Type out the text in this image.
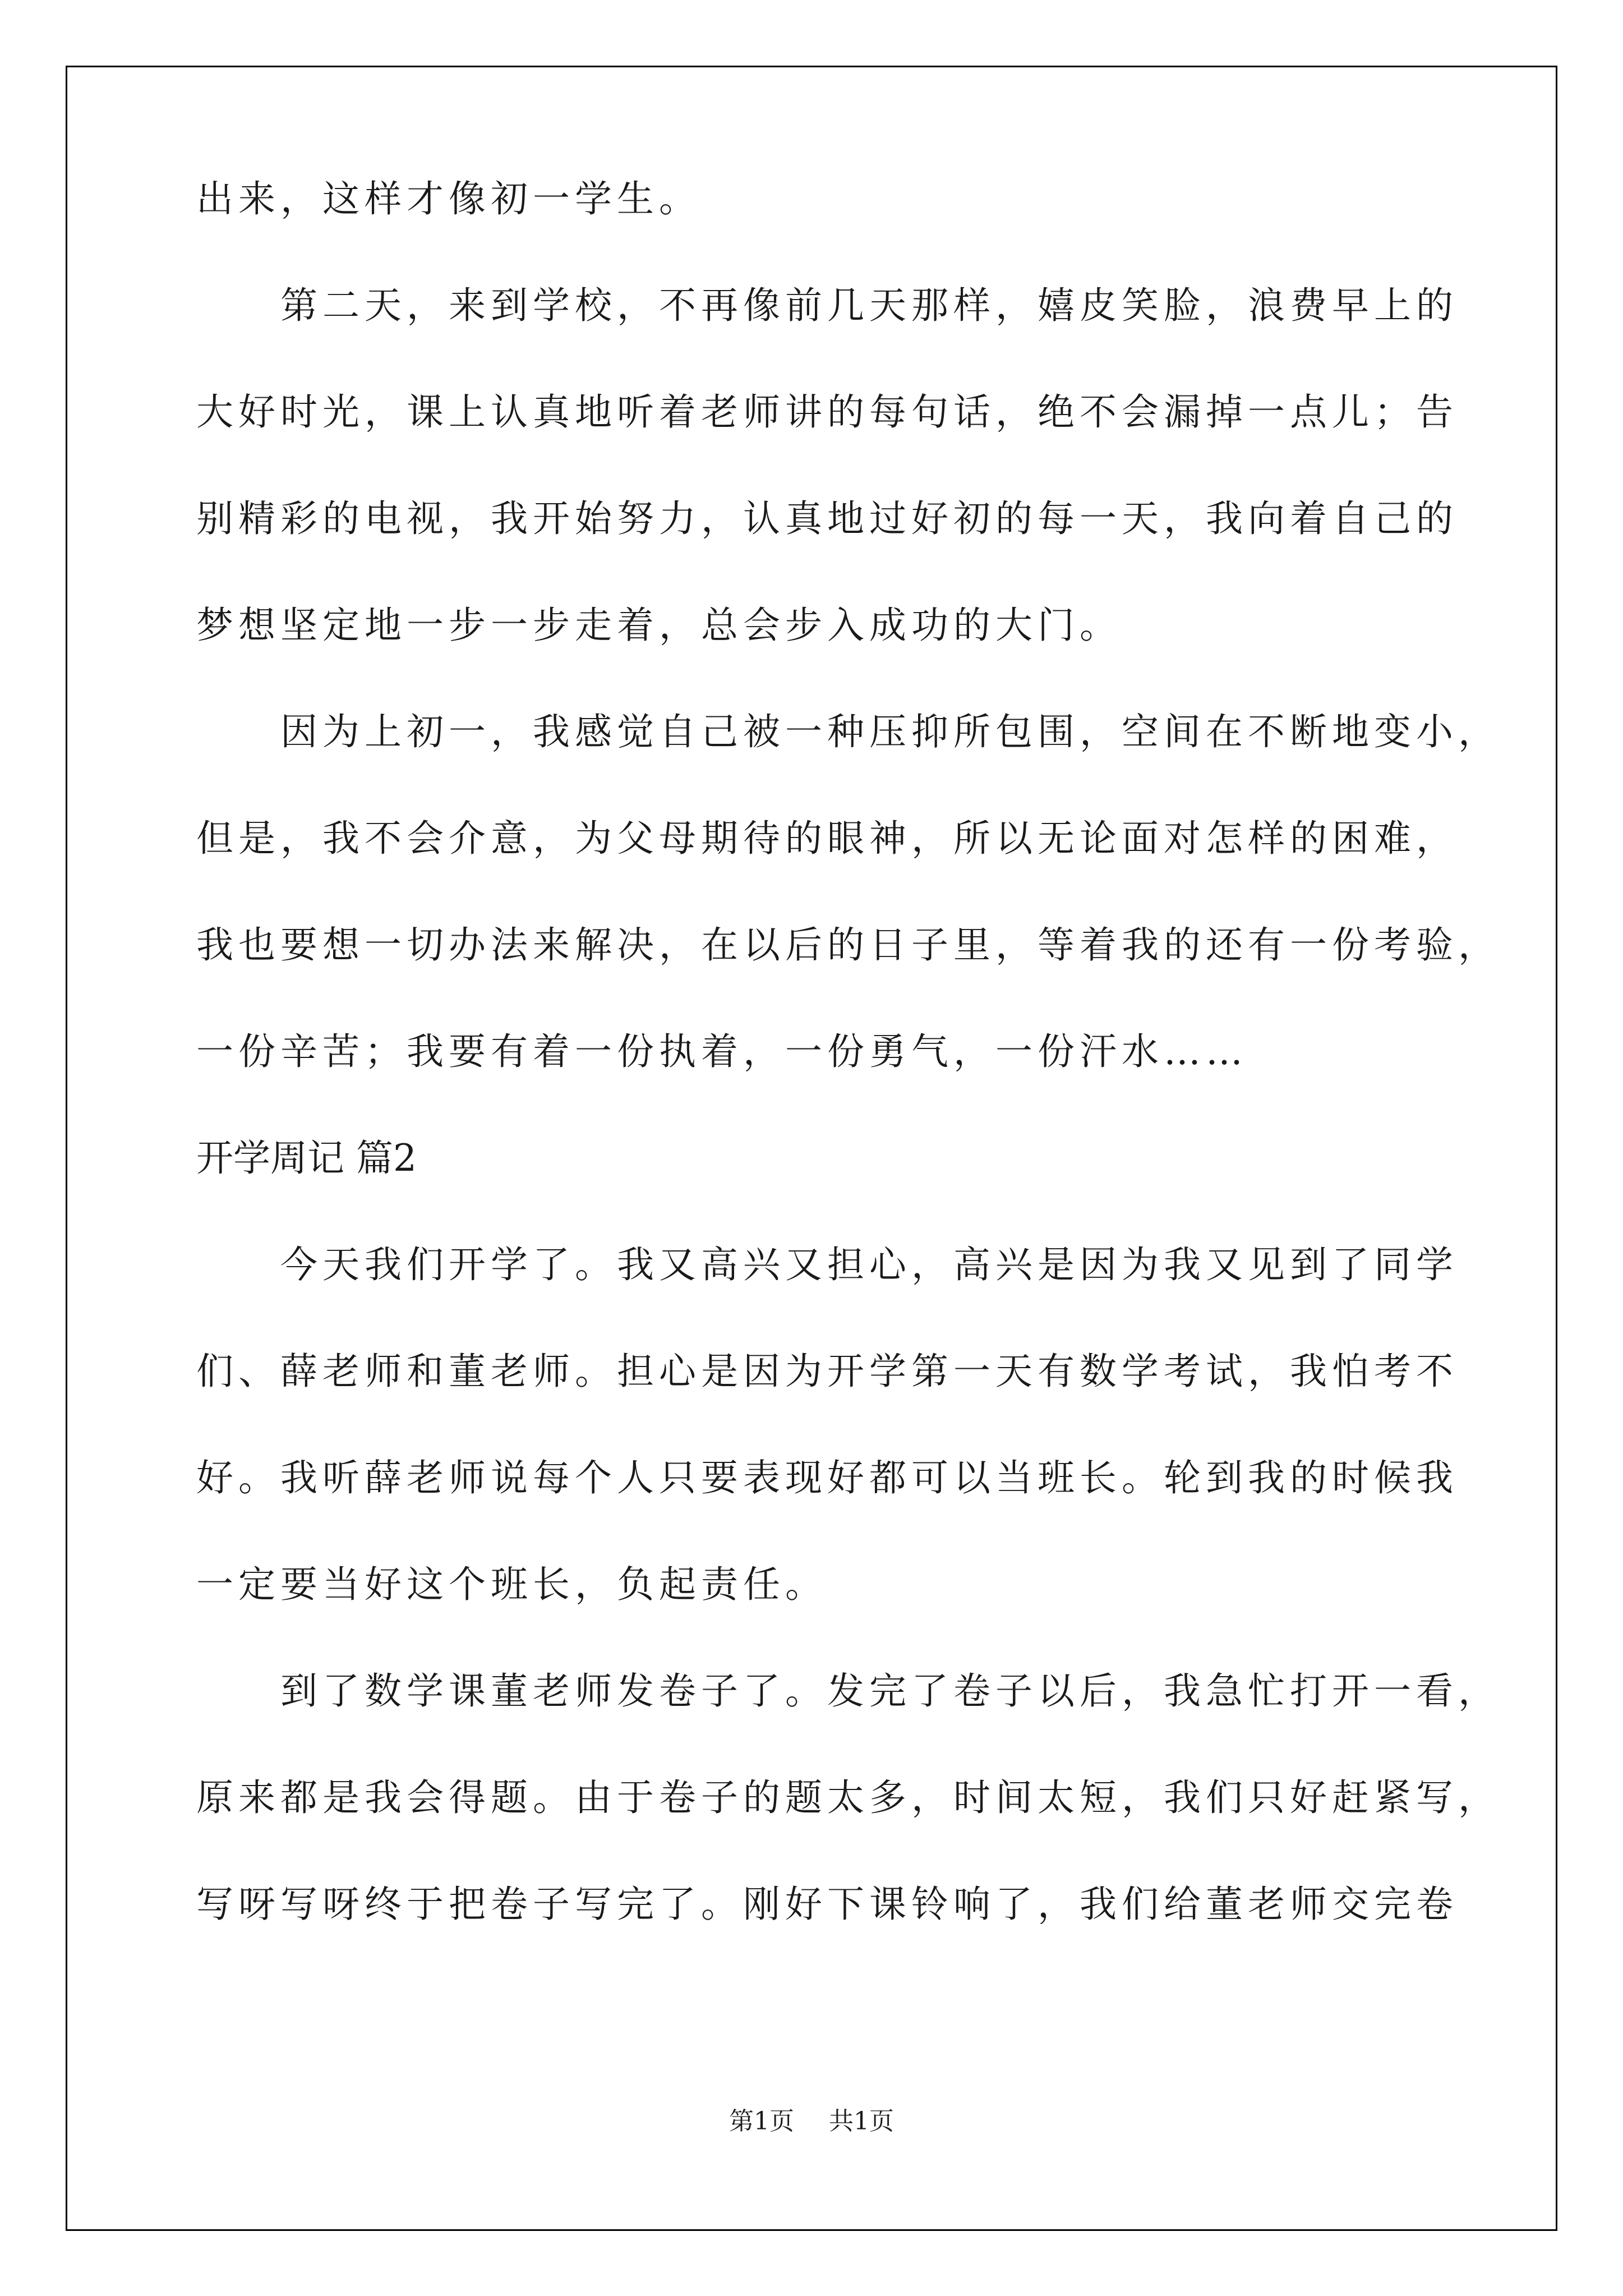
出来，这样才像初一学生。
第二天，来到学校，不再像前几天那样，嬉皮笑脸，浪费早上的
大好时光，课上认真地听着老师讲的每句话，绝不会漏掉一点儿；告
别精彩的电视，我开始努力，认真地过好初的每一天，我向着自己的
梦想坚定地一步一步走着，总会步入成功的大门。
因为上初一，我感觉自己被一种压抑所包围，空间在不断地变小，
但是，我不会介意，为父母期待的眼神，所以无论面对怎样的困难，
我也要想一切办法来解决，在以后的日子里，等着我的还有一份考验，
一份辛苦；我要有着一份执着，一份勇气，一份汗水……
开学周记 篇2
今天我们开学了。我又高兴又担心，高兴是因为我又见到了同学
们、薛老师和董老师。担心是因为开学第一天有数学考试，我怕考不
好。我听薛老师说每个人只要表现好都可以当班长。轮到我的时候我
一定要当好这个班长，负起责任。
到了数学课董老师发卷子了。发完了卷子以后，我急忙打开一看，
原来都是我会得题。由于卷子的题太多，时间太短，我们只好赶紧写，
写呀写呀终于把卷子写完了。刚好下课铃响了，我们给董老师交完卷
第1页 共1页
